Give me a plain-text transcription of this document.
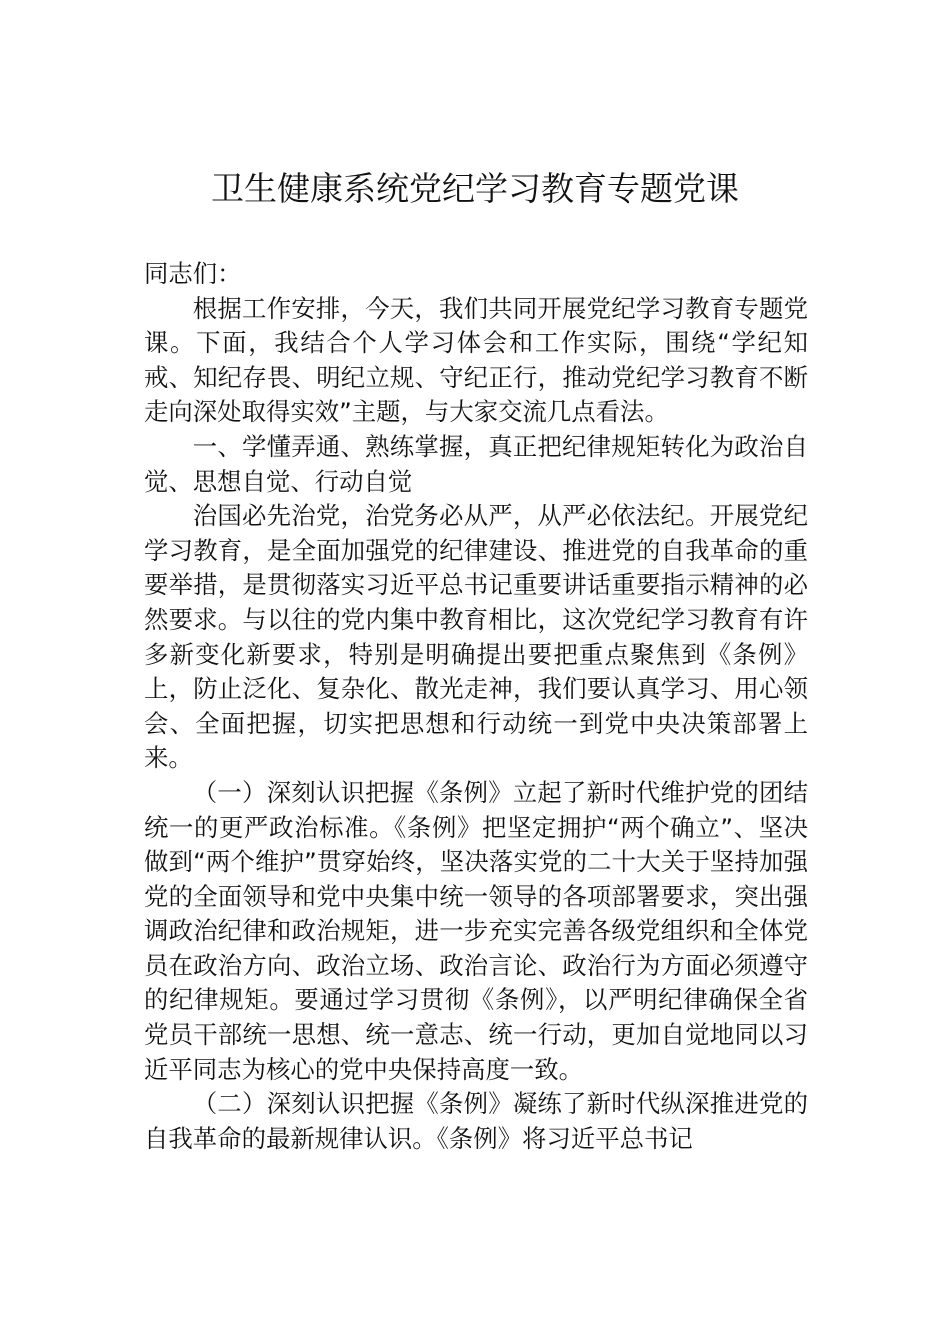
卫生健康系统党纪学习教育专题党课

同志们：

根据工作安排，今天，我们共同开展党纪学习教育专题党课。下面，我结合个人学习体会和工作实际，围绕“学纪知戒、知纪存畏、明纪立规、守纪正行，推动党纪学习教育不断走向深处取得实效”主题，与大家交流几点看法。

一、学懂弄通、熟练掌握，真正把纪律规矩转化为政治自觉、思想自觉、行动自觉

治国必先治党，治党务必从严，从严必依法纪。开展党纪学习教育，是全面加强党的纪律建设、推进党的自我革命的重要举措，是贯彻落实习近平总书记重要讲话重要指示精神的必然要求。与以往的党内集中教育相比，这次党纪学习教育有许多新变化新要求，特别是明确提出要把重点聚焦到《条例》上，防止泛化、复杂化、散光走神，我们要认真学习、用心领会、全面把握，切实把思想和行动统一到党中央决策部署上来。

（一）深刻认识把握《条例》立起了新时代维护党的团结统一的更严政治标准。《条例》把坚定拥护“两个确立”、坚决做到“两个维护”贯穿始终，坚决落实党的二十大关于坚持加强党的全面领导和党中央集中统一领导的各项部署要求，突出强调政治纪律和政治规矩，进一步充实完善各级党组织和全体党员在政治方向、政治立场、政治言论、政治行为方面必须遵守的纪律规矩。要通过学习贯彻《条例》，以严明纪律确保全省党员干部统一思想、统一意志、统一行动，更加自觉地同以习近平同志为核心的党中央保持高度一致。

（二）深刻认识把握《条例》凝练了新时代纵深推进党的自我革命的最新规律认识。《条例》将习近平总书记
